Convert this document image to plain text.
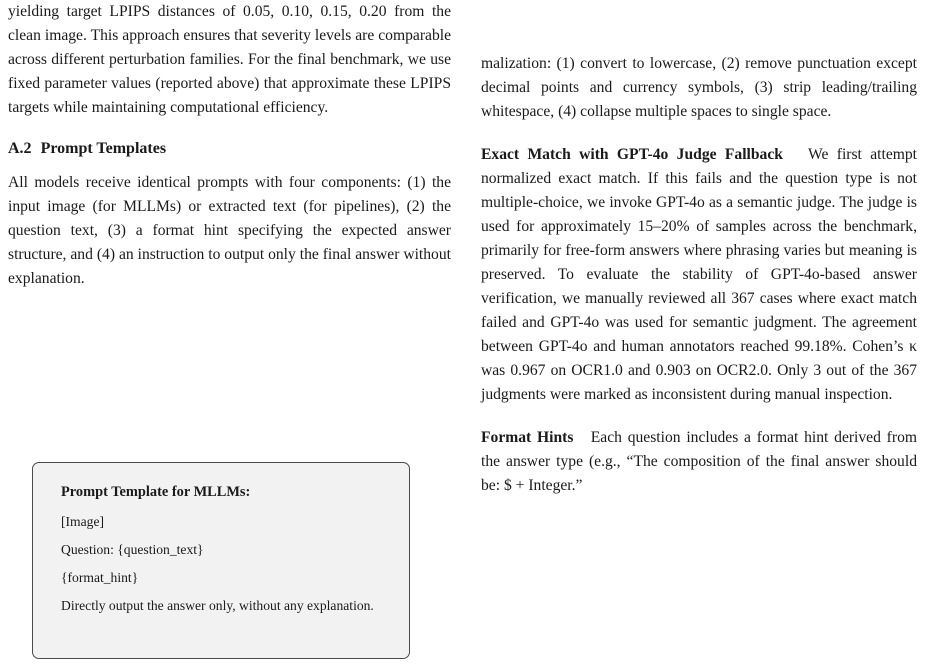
yielding target LPIPS distances of 0.05, 0.10, 0.15, 0.20 from the clean image. This approach ensures that severity levels are comparable across different perturbation families. For the final benchmark, we use fixed parameter values (reported above) that approximate these LPIPS targets while maintaining computational efficiency.

A.2 Prompt Templates

All models receive identical prompts with four components: (1) the input image (for MLLMs) or extracted text (for pipelines), (2) the question text, (3) a format hint specifying the expected answer structure, and (4) an instruction to output only the final answer without explanation.

Prompt Template for MLLMs:
[Image]
Question: {question_text}
{format_hint}
Directly output the answer only, without any explanation.

malization: (1) convert to lowercase, (2) remove punctuation except decimal points and currency symbols, (3) strip leading/trailing whitespace, (4) collapse multiple spaces to single space.

Exact Match with GPT-4o Judge Fallback We first attempt normalized exact match. If this fails and the question type is not multiple-choice, we invoke GPT-4o as a semantic judge. The judge is used for approximately 15–20% of samples across the benchmark, primarily for free-form answers where phrasing varies but meaning is preserved. To evaluate the stability of GPT-4o-based answer verification, we manually reviewed all 367 cases where exact match failed and GPT-4o was used for semantic judgment. The agreement between GPT-4o and human annotators reached 99.18%. Cohen’s κ was 0.967 on OCR1.0 and 0.903 on OCR2.0. Only 3 out of the 367 judgments were marked as inconsistent during manual inspection.

Format Hints Each question includes a format hint derived from the answer type (e.g., “The composition of the final answer should be: $ + Integer.”
